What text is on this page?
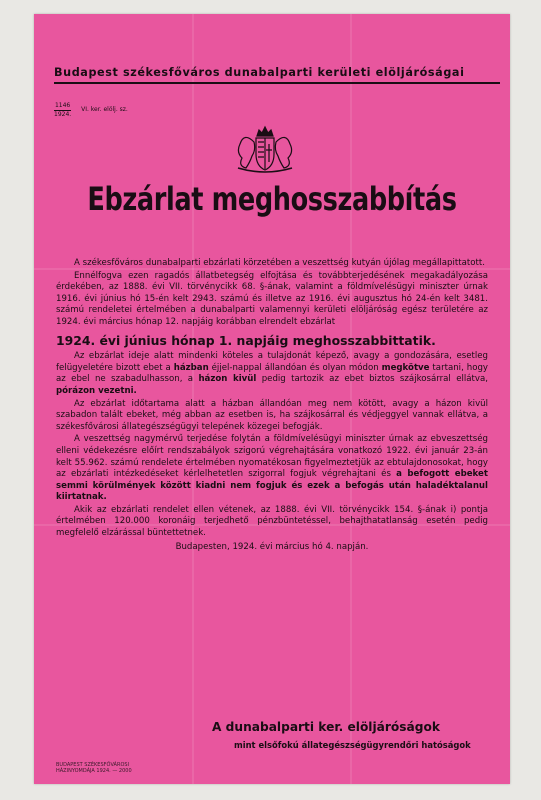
Budapest székesfőváros dunabalparti kerületi elöljáróságai
$\frac{1146}{1924.}$ VI. ker. elölj. sz.
Ebzárlat meghosszabbítás

A székesfőváros dunabalparti ebzárlati körzetében a veszettség kutyán újólag megállapittatott.

Ennélfogva ezen ragadós állatbetegség elfojtása és továbbterjedésének megakadályozása érdekében, az 1888. évi VII. törvénycikk 68. §-ának, valamint a földmívelésügyi miniszter úrnak 1916. évi június hó 15-én kelt 2943. számú és illetve az 1916. évi augusztus hó 24-én kelt 3481. számú rendeletei értelmében a dunabalparti valamennyi kerületi elöljáróság egész területére az 1924. évi március hónap 12. napjáig korábban elrendelt ebzárlat

1924. évi június hónap 1. napjáig meghosszabbittatik.

Az ebzárlat ideje alatt mindenki köteles a tulajdonát képező, avagy a gondozására, esetleg felügyeletére bizott ebet a házban éjjel-nappal állandóan és olyan módon megkötve tartani, hogy az ebel ne szabadulhasson, a házon kivül pedig tartozik az ebet biztos szájkosárral ellátva, pórázon vezetni.

Az ebzárlat időtartama alatt a házban állandóan meg nem kötött, avagy a házon kivül szabadon talált ebeket, még abban az esetben is, ha szájkosárral és védjeggyel vannak ellátva, a székesfővárosi állategészségügyi telepének közegei befogják.

A veszettség nagymérvű terjedése folytán a földmívelésügyi miniszter úrnak az ebveszettség elleni védekezésre előírt rendszabályok szigorú végrehajtására vonatkozó 1922. évi január 23-án kelt 55.962. számú rendelete értelmében nyomatékosan figyelmeztetjük az ebtulajdonosokat, hogy az ebzárlati intézkedéseket kérlelhetetlen szigorral fogjuk végrehajtani és a befogott ebeket semmi körülmények között kiadni nem fogjuk és ezek a befogás után haladéktalanul kiirtatnak.

Akik az ebzárlati rendelet ellen vétenek, az 1888. évi VII. törvénycikk 154. §-ának i) pontja értelmében 120.000 koronáig terjedhető pénzbüntetéssel, behajthatatlanság esetén pedig megfelelő elzárással büntettetnek.

Budapesten, 1924. évi március hó 4. napján.

A dunabalparti ker. elöljáróságok
mint elsőfokú állategészségügyrendőri hatóságok
BUDAPEST SZÉKESFŐVÁROSI
HÁZINYOMDÁJA 1924. — 2000
